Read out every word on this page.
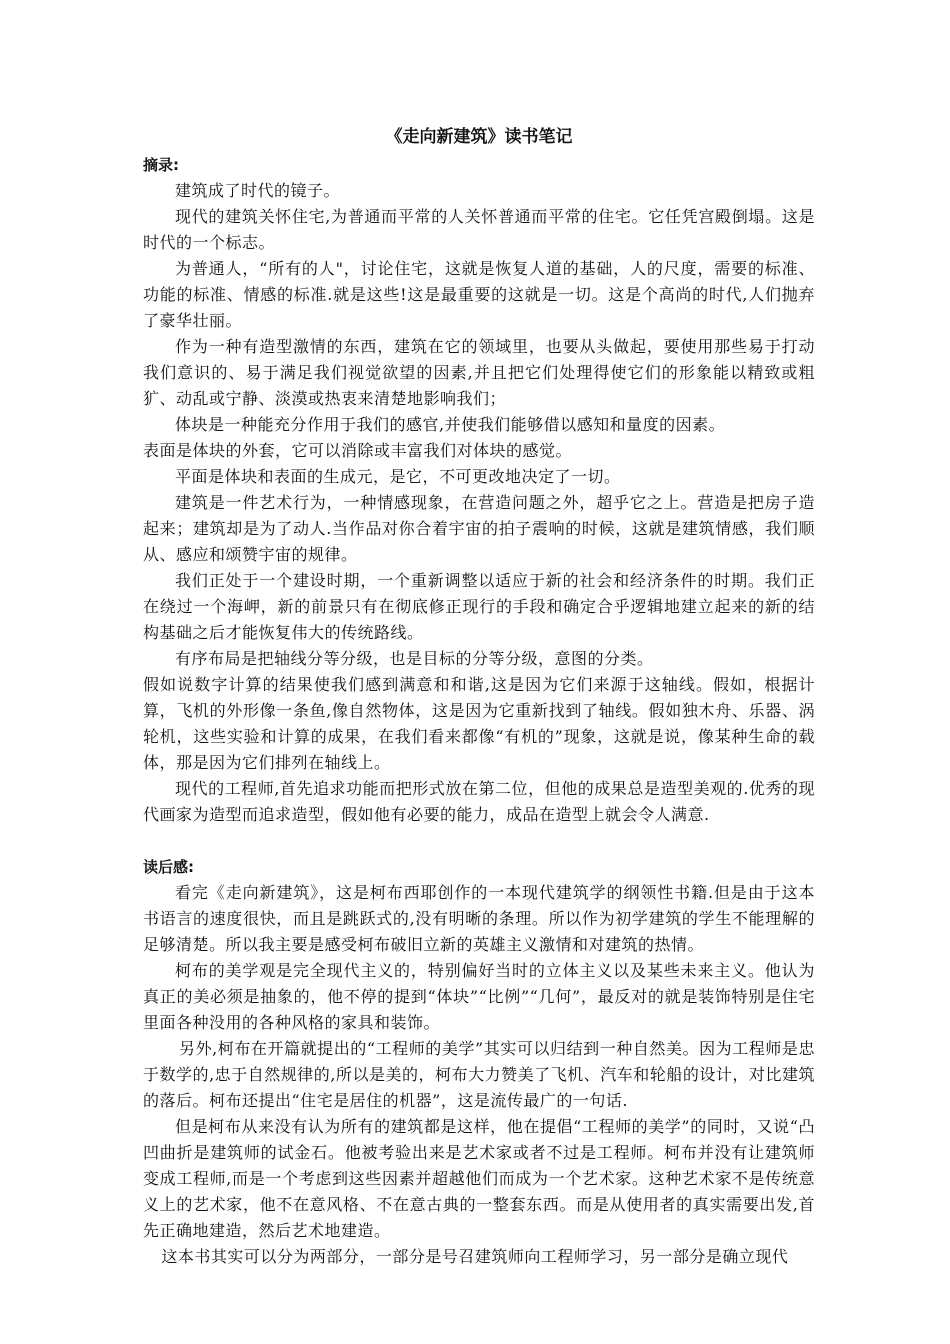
《走向新建筑》读书笔记
摘录:
建筑成了时代的镜子。
现代的建筑关怀住宅,为普通而平常的人关怀普通而平常的住宅。它任凭宫殿倒塌。这是时代的一个标志。
为普通人，“所有的人"，讨论住宅，这就是恢复人道的基础，人的尺度，需要的标准、功能的标准、情感的标准.就是这些!这是最重要的这就是一切。这是个高尚的时代,人们抛弃了豪华壮丽。
作为一种有造型激情的东西，建筑在它的领域里，也要从头做起，要使用那些易于打动我们意识的、易于满足我们视觉欲望的因素,并且把它们处理得使它们的形象能以精致或粗犷、动乱或宁静、淡漠或热衷来清楚地影响我们；
体块是一种能充分作用于我们的感官,并使我们能够借以感知和量度的因素。
表面是体块的外套，它可以消除或丰富我们对体块的感觉。
平面是体块和表面的生成元，是它，不可更改地决定了一切。
建筑是一件艺术行为，一种情感现象，在营造问题之外，超乎它之上。营造是把房子造起来；建筑却是为了动人.当作品对你合着宇宙的拍子震响的时候，这就是建筑情感，我们顺从、感应和颂赞宇宙的规律。
我们正处于一个建设时期，一个重新调整以适应于新的社会和经济条件的时期。我们正在绕过一个海岬，新的前景只有在彻底修正现行的手段和确定合乎逻辑地建立起来的新的结构基础之后才能恢复伟大的传统路线。
有序布局是把轴线分等分级，也是目标的分等分级，意图的分类。
假如说数字计算的结果使我们感到满意和和谐,这是因为它们来源于这轴线。假如，根据计算，飞机的外形像一条鱼,像自然物体，这是因为它重新找到了轴线。假如独木舟、乐器、涡轮机，这些实验和计算的成果，在我们看来都像“有机的”现象，这就是说，像某种生命的载体，那是因为它们排列在轴线上。
现代的工程师,首先追求功能而把形式放在第二位，但他的成果总是造型美观的.优秀的现代画家为造型而追求造型，假如他有必要的能力，成品在造型上就会令人满意.
读后感:
看完《走向新建筑》，这是柯布西耶创作的一本现代建筑学的纲领性书籍.但是由于这本书语言的速度很快，而且是跳跃式的,没有明晰的条理。所以作为初学建筑的学生不能理解的足够清楚。所以我主要是感受柯布破旧立新的英雄主义激情和对建筑的热情。
柯布的美学观是完全现代主义的，特别偏好当时的立体主义以及某些未来主义。他认为真正的美必须是抽象的，他不停的提到“体块”“比例”“几何”，最反对的就是装饰特别是住宅里面各种没用的各种风格的家具和装饰。
另外,柯布在开篇就提出的“工程师的美学”其实可以归结到一种自然美。因为工程师是忠于数学的,忠于自然规律的,所以是美的，柯布大力赞美了飞机、汽车和轮船的设计，对比建筑的落后。柯布还提出“住宅是居住的机器”，这是流传最广的一句话.
但是柯布从来没有认为所有的建筑都是这样，他在提倡“工程师的美学”的同时，又说“凸凹曲折是建筑师的试金石。他被考验出来是艺术家或者不过是工程师。柯布并没有让建筑师变成工程师,而是一个考虑到这些因素并超越他们而成为一个艺术家。这种艺术家不是传统意义上的艺术家，他不在意风格、不在意古典的一整套东西。而是从使用者的真实需要出发,首先正确地建造，然后艺术地建造。
这本书其实可以分为两部分，一部分是号召建筑师向工程师学习，另一部分是确立现代
